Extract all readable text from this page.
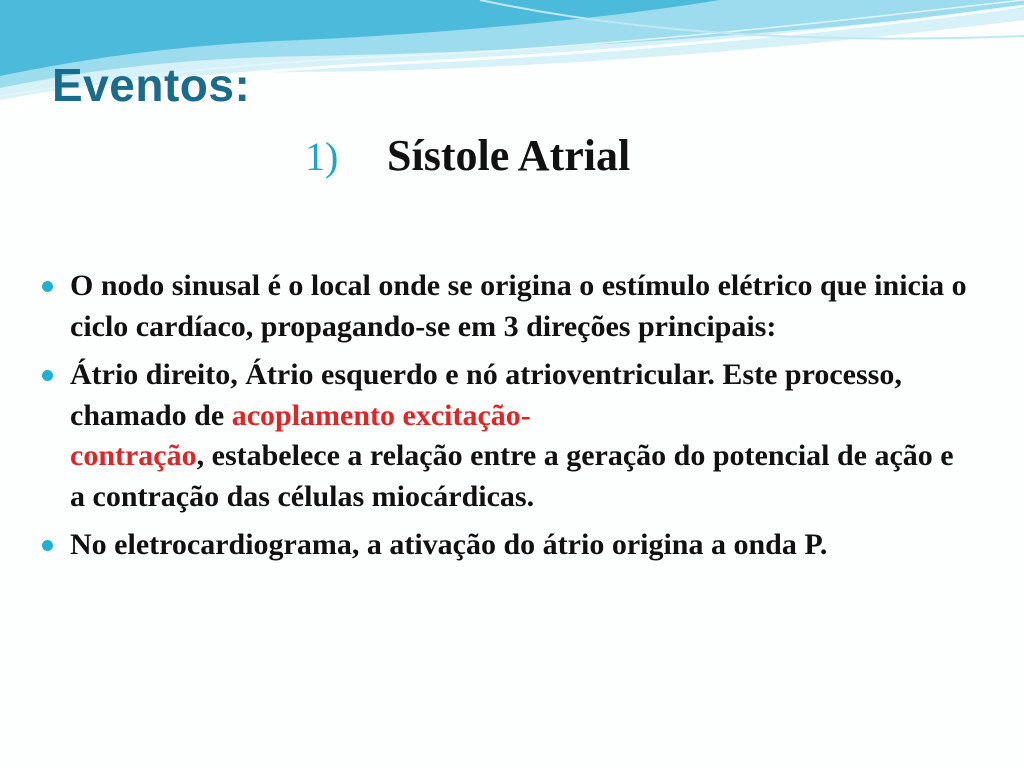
Eventos:
1) Sístole Atrial
O nodo sinusal é o local onde se origina o estímulo elétrico que inicia o ciclo cardíaco, propagando-se em 3 direções principais:
Átrio direito, Átrio esquerdo e nó atrioventricular. Este processo, chamado de acoplamento excitação-
contração, estabelece a relação entre a geração do potencial de ação e a contração das células miocárdicas.
No eletrocardiograma, a ativação do átrio origina a onda P.
